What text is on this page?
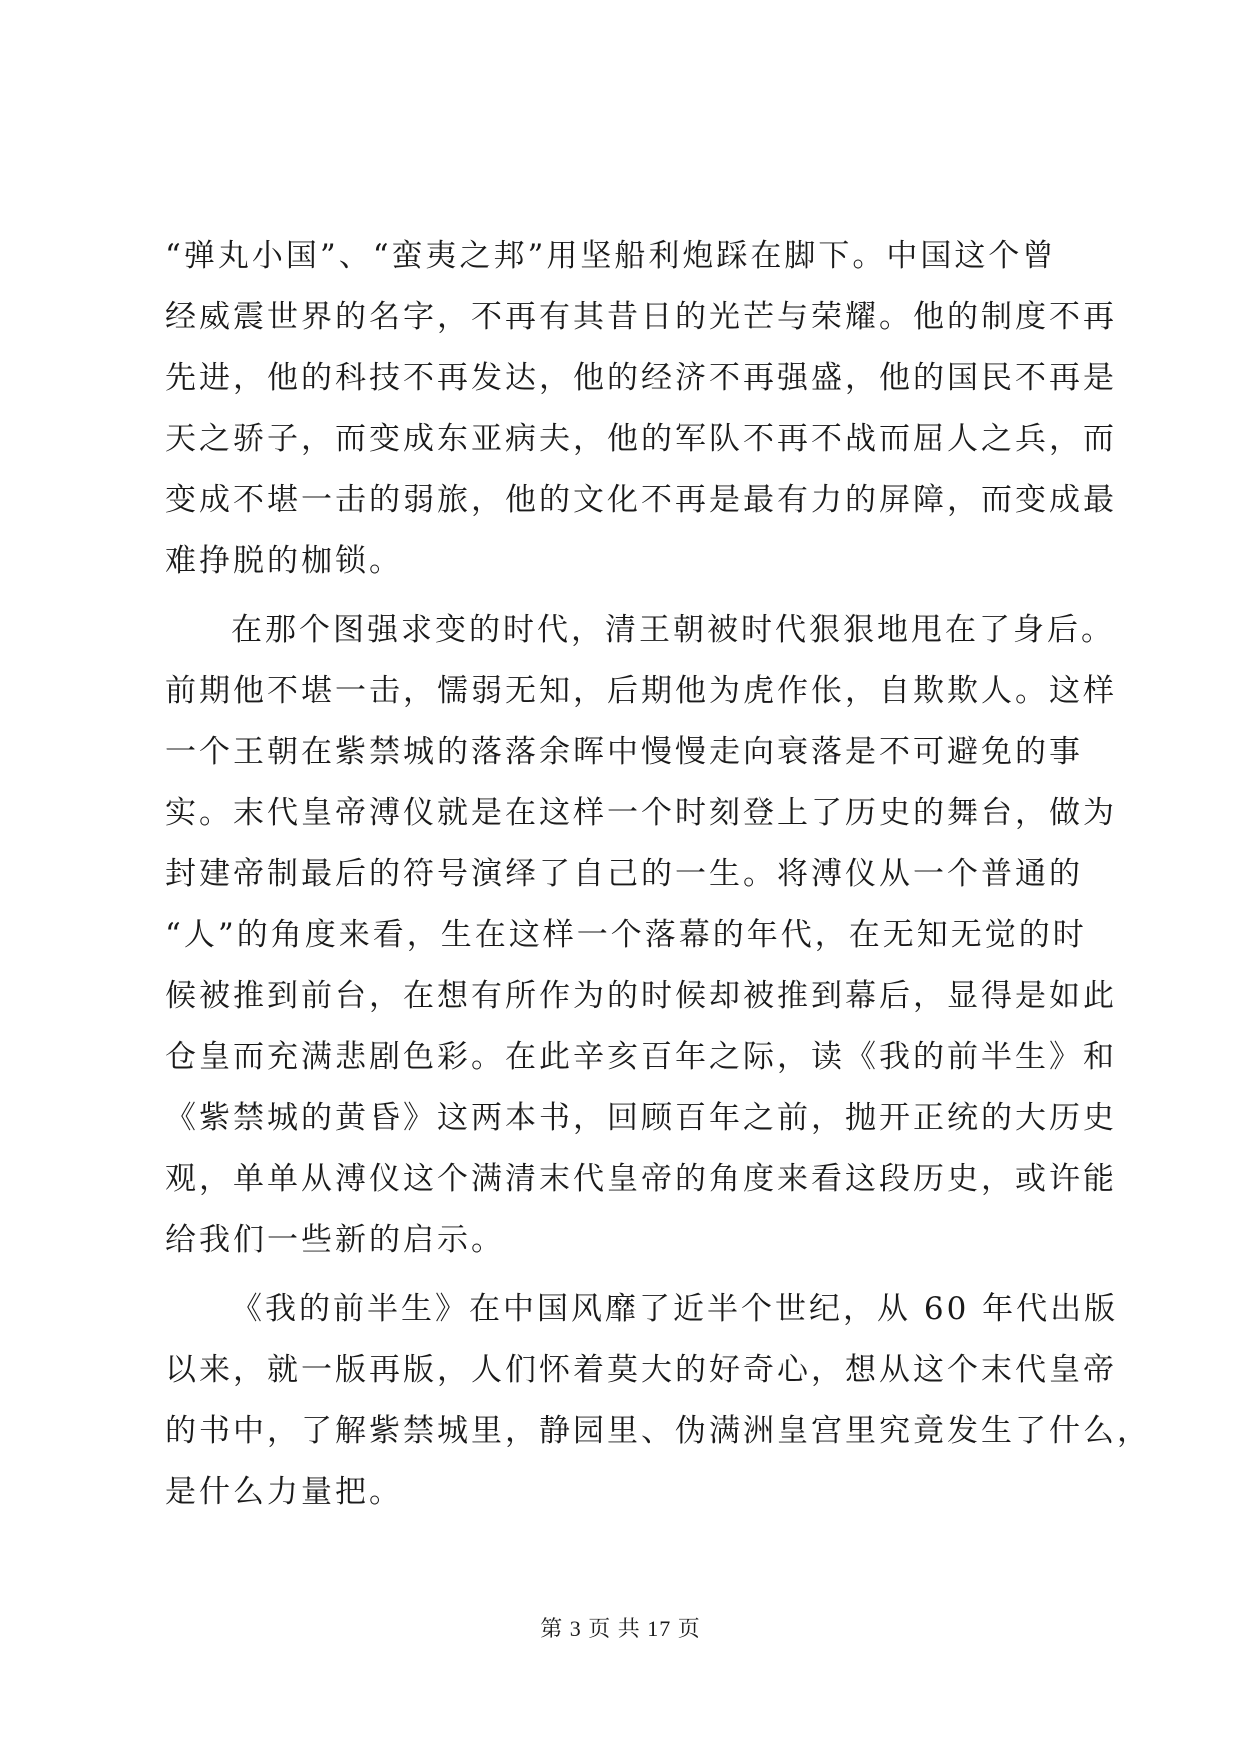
“弹丸小国”、“蛮夷之邦”用坚船利炮踩在脚下。中国这个曾

经威震世界的名字，不再有其昔日的光芒与荣耀。他的制度不再

先进，他的科技不再发达，他的经济不再强盛，他的国民不再是

天之骄子，而变成东亚病夫，他的军队不再不战而屈人之兵，而

变成不堪一击的弱旅，他的文化不再是最有力的屏障，而变成最

难挣脱的枷锁。

在那个图强求变的时代，清王朝被时代狠狠地甩在了身后。

前期他不堪一击，懦弱无知，后期他为虎作伥，自欺欺人。这样

一个王朝在紫禁城的落落余晖中慢慢走向衰落是不可避免的事

实。末代皇帝溥仪就是在这样一个时刻登上了历史的舞台，做为

封建帝制最后的符号演绎了自己的一生。将溥仪从一个普通的

“人”的角度来看，生在这样一个落幕的年代，在无知无觉的时

候被推到前台，在想有所作为的时候却被推到幕后，显得是如此

仓皇而充满悲剧色彩。在此辛亥百年之际，读《我的前半生》和

《紫禁城的黄昏》这两本书，回顾百年之前，抛开正统的大历史

观，单单从溥仪这个满清末代皇帝的角度来看这段历史，或许能

给我们一些新的启示。

《我的前半生》在中国风靡了近半个世纪，从 60 年代出版

以来，就一版再版，人们怀着莫大的好奇心，想从这个末代皇帝

的书中，了解紫禁城里，静园里、伪满洲皇宫里究竟发生了什么，

是什么力量把。

第 3 页 共 17 页
